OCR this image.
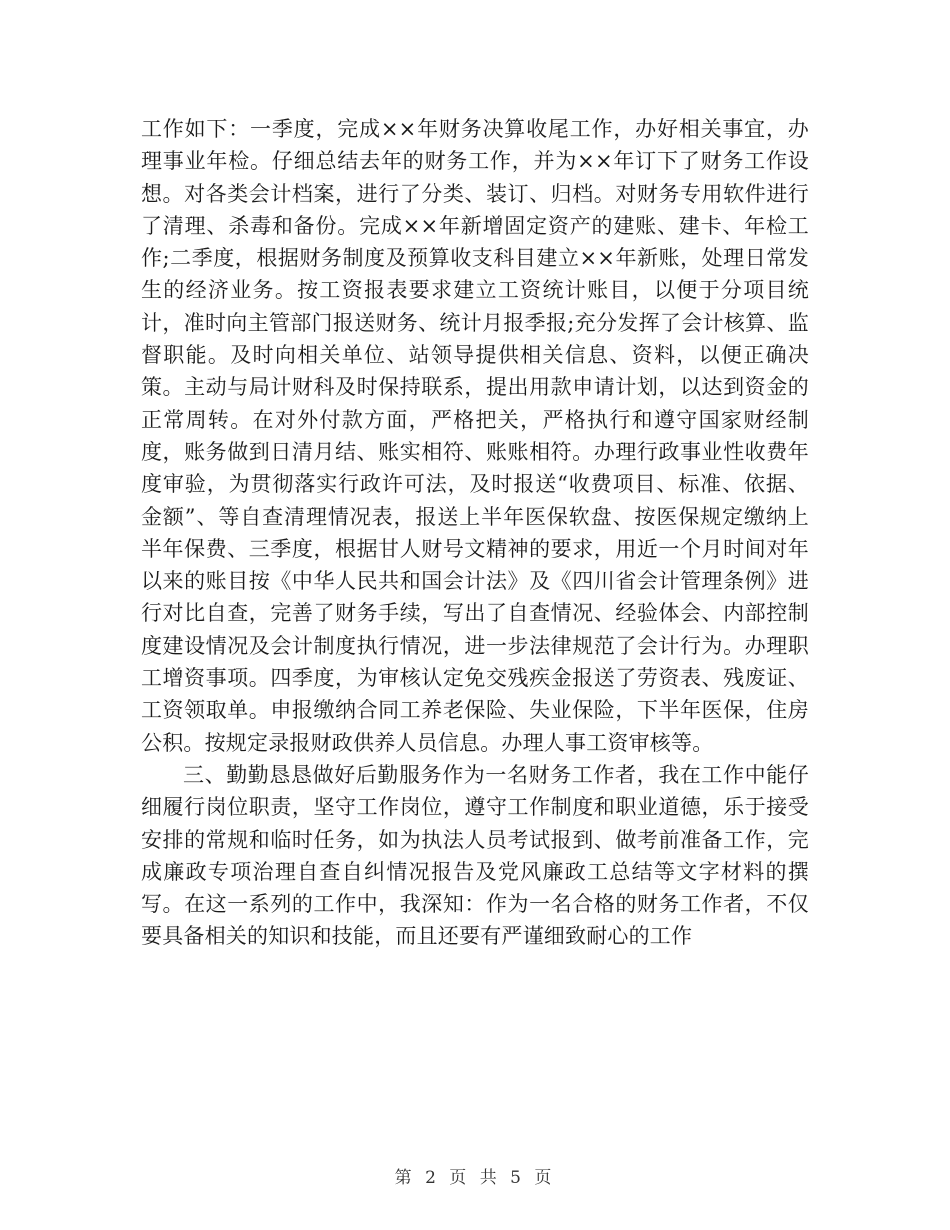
工作如下：一季度，完成××年财务决算收尾工作，办好相关事宜，办理事业年检。仔细总结去年的财务工作，并为××年订下了财务工作设想。对各类会计档案，进行了分类、装订、归档。对财务专用软件进行了清理、杀毒和备份。完成××年新增固定资产的建账、建卡、年检工作;二季度，根据财务制度及预算收支科目建立××年新账，处理日常发生的经济业务。按工资报表要求建立工资统计账目，以便于分项目统计，准时向主管部门报送财务、统计月报季报;充分发挥了会计核算、监督职能。及时向相关单位、站领导提供相关信息、资料，以便正确决策。主动与局计财科及时保持联系，提出用款申请计划，以达到资金的正常周转。在对外付款方面，严格把关，严格执行和遵守国家财经制度，账务做到日清月结、账实相符、账账相符。办理行政事业性收费年度审验，为贯彻落实行政许可法，及时报送“收费项目、标准、依据、金额”、等自查清理情况表，报送上半年医保软盘、按医保规定缴纳上半年保费、三季度，根据甘人财号文精神的要求，用近一个月时间对年以来的账目按《中华人民共和国会计法》及《四川省会计管理条例》进行对比自查，完善了财务手续，写出了自查情况、经验体会、内部控制度建设情况及会计制度执行情况，进一步法律规范了会计行为。办理职工增资事项。四季度，为审核认定免交残疾金报送了劳资表、残废证、工资领取单。申报缴纳合同工养老保险、失业保险，下半年医保，住房公积。按规定录报财政供养人员信息。办理人事工资审核等。

三、勤勤恳恳做好后勤服务作为一名财务工作者，我在工作中能仔细履行岗位职责，坚守工作岗位，遵守工作制度和职业道德，乐于接受安排的常规和临时任务，如为执法人员考试报到、做考前准备工作，完成廉政专项治理自查自纠情况报告及党风廉政工总结等文字材料的撰写。在这一系列的工作中，我深知：作为一名合格的财务工作者，不仅要具备相关的知识和技能，而且还要有严谨细致耐心的工作

第 2 页 共 5 页
